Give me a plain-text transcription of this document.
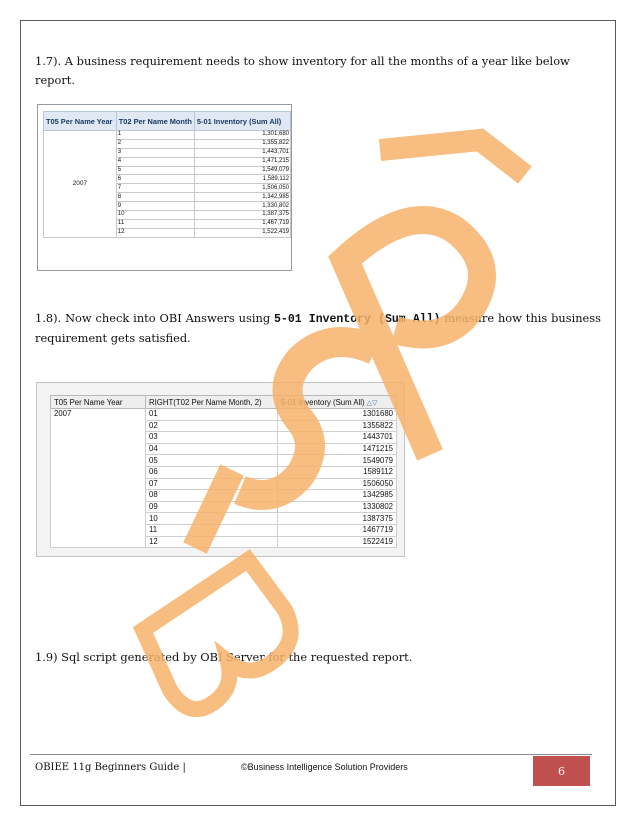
1.7). A business requirement needs to show inventory for all the months of a year like below report.
T05 Per Name Year	T02 Per Name Month	5-01 Inventory (Sum All)
2007	1	1,301,680
	2	1,355,822
	3	1,443,701
	4	1,471,215
	5	1,549,079
	6	1,589,112
	7	1,506,050
	8	1,342,985
	9	1,330,802
	10	1,387,375
	11	1,467,719
	12	1,522,419
1.8). Now check into OBI Answers using 5-01 Inventory (Sum All) measure how this business requirement gets satisfied.
T05 Per Name Year	RIGHT(T02 Per Name Month, 2)	5-01 Inventory (Sum All) △▽
2007	01	1301680
	02	1355822
	03	1443701
	04	1471215
	05	1549079
	06	1589112
	07	1506050
	08	1342985
	09	1330802
	10	1387375
	11	1467719
	12	1522419
1.9) Sql script generated by OBI Server for the requested report.
OBIEE 11g Beginners Guide |	©Business Intelligence Solution Providers	6
